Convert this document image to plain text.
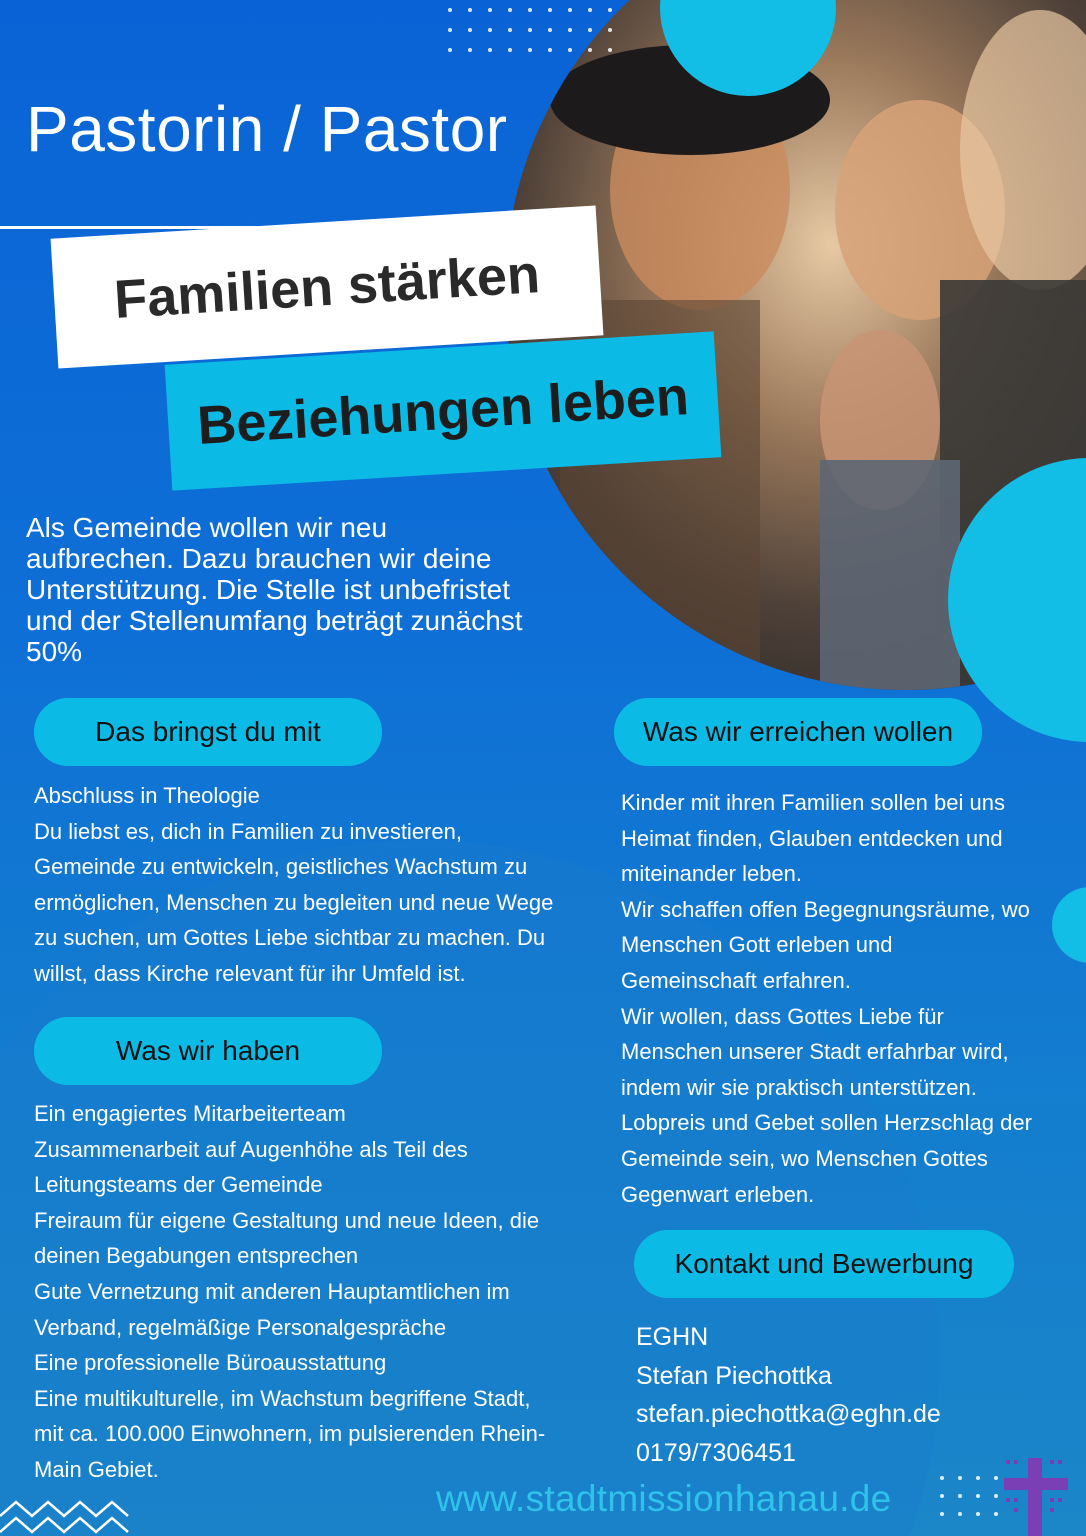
Pastorin / Pastor
Familien stärken
Beziehungen leben
Als Gemeinde wollen wir neu
aufbrechen. Dazu brauchen wir deine
Unterstützung. Die Stelle ist unbefristet
und der Stellenumfang beträgt zunächst
50%
Das bringst du mit
Abschluss in Theologie
Du liebst es, dich in Familien zu investieren,
Gemeinde zu entwickeln, geistliches Wachstum zu
ermöglichen, Menschen zu begleiten und neue Wege
zu suchen, um Gottes Liebe sichtbar zu machen. Du
willst, dass Kirche relevant für ihr Umfeld ist.
Was wir haben
Ein engagiertes Mitarbeiterteam
Zusammenarbeit auf Augenhöhe als Teil des
Leitungsteams der Gemeinde
Freiraum für eigene Gestaltung und neue Ideen, die
deinen Begabungen entsprechen
Gute Vernetzung mit anderen Hauptamtlichen im
Verband, regelmäßige Personalgespräche
Eine professionelle Büroausstattung
Eine multikulturelle, im Wachstum begriffene Stadt,
mit ca. 100.000 Einwohnern, im pulsierenden Rhein-
Main Gebiet.
Was wir erreichen wollen
Kinder mit ihren Familien sollen bei uns
Heimat finden, Glauben entdecken und
miteinander leben.
Wir schaffen offen Begegnungsräume, wo
Menschen Gott erleben und
Gemeinschaft erfahren.
Wir wollen, dass Gottes Liebe für
Menschen unserer Stadt erfahrbar wird,
indem wir sie praktisch unterstützen.
Lobpreis und Gebet sollen Herzschlag der
Gemeinde sein, wo Menschen Gottes
Gegenwart erleben.
Kontakt und Bewerbung
EGHN
Stefan Piechottka
stefan.piechottka@eghn.de
0179/7306451
www.stadtmissionhanau.de
